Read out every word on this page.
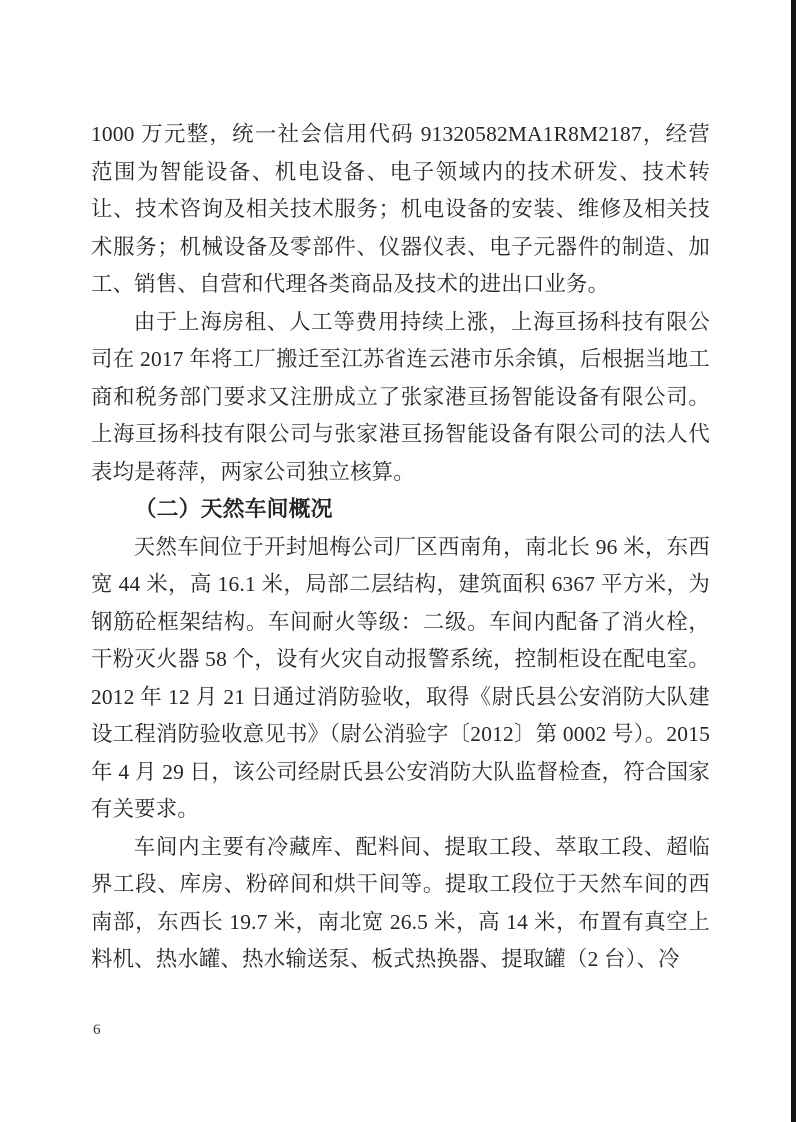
1000 万元整，统一社会信用代码 91320582MA1R8M2187，经营范围为智能设备、机电设备、电子领域内的技术研发、技术转让、技术咨询及相关技术服务；机电设备的安装、维修及相关技术服务；机械设备及零部件、仪器仪表、电子元器件的制造、加工、销售、自营和代理各类商品及技术的进出口业务。

由于上海房租、人工等费用持续上涨，上海亘扬科技有限公司在 2017 年将工厂搬迁至江苏省连云港市乐余镇，后根据当地工商和税务部门要求又注册成立了张家港亘扬智能设备有限公司。上海亘扬科技有限公司与张家港亘扬智能设备有限公司的法人代表均是蒋萍，两家公司独立核算。

（二）天然车间概况

天然车间位于开封旭梅公司厂区西南角，南北长 96 米，东西宽 44 米，高 16.1 米，局部二层结构，建筑面积 6367 平方米，为钢筋砼框架结构。车间耐火等级：二级。车间内配备了消火栓，干粉灭火器 58 个，设有火灾自动报警系统，控制柜设在配电室。2012 年 12 月 21 日通过消防验收，取得《尉氏县公安消防大队建设工程消防验收意见书》（尉公消验字〔2012〕第 0002 号）。2015 年 4 月 29 日，该公司经尉氏县公安消防大队监督检查，符合国家有关要求。

车间内主要有冷藏库、配料间、提取工段、萃取工段、超临界工段、库房、粉碎间和烘干间等。提取工段位于天然车间的西南部，东西长 19.7 米，南北宽 26.5 米，高 14 米，布置有真空上料机、热水罐、热水输送泵、板式热换器、提取罐（2 台）、冷

6
